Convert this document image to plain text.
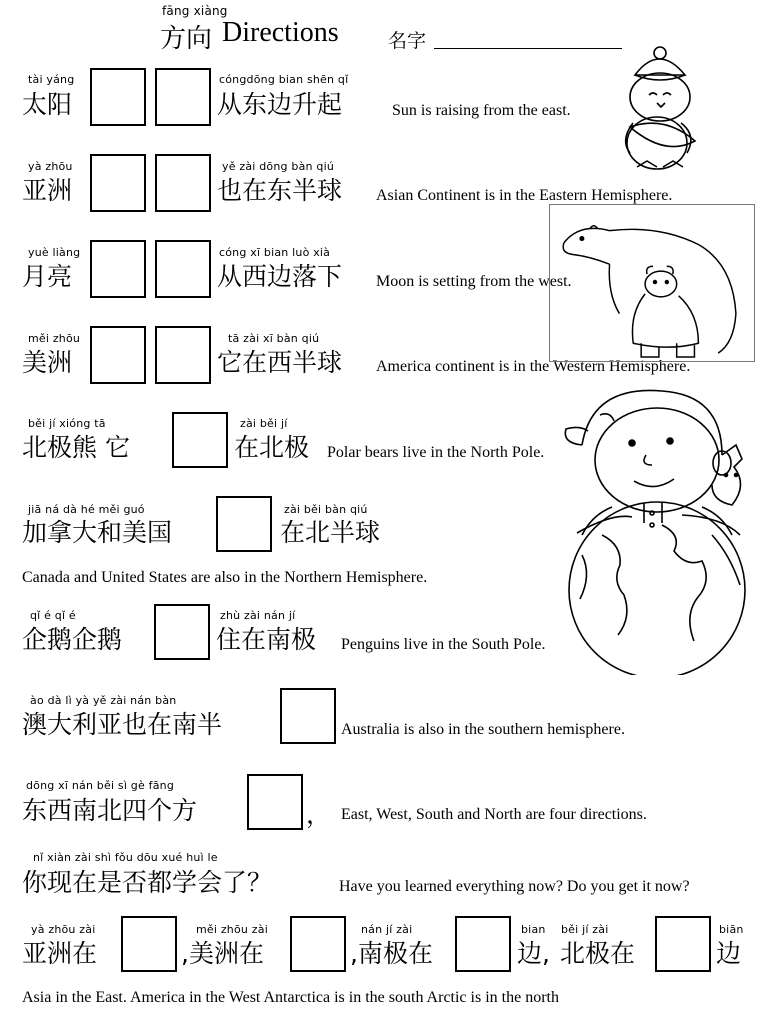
fāng xiàng
方向 Directions	名字
tài yáng
太阳
cóngdōng bian shēn qǐ
从东边升起	Sun is raising from the east.
yà zhōu
亚洲
yě zài dōng bàn qiú
也在东半球 Asian Continent is in the Eastern Hemisphere.
yuè liàng
月亮
cóng xī bian luò xià
从西边落下 Moon is setting from the west.
měi zhōu
美洲
tā zài xī bàn qiú
它在西半球 America continent is in the Western Hemisphere.
běi jí xióng tā
北极熊 它
zài běi jí
在北极 Polar bears live in the North Pole.
jiā ná dà hé měi guó
加拿大和美国
zài běi bàn qiú
在北半球
Canada and United States are also in the Northern Hemisphere.
qǐ é qǐ é
企鹅企鹅
zhù zài nán jí
住在南极 Penguins live in the South Pole.
ào dà lì yà yě zài nán bàn
澳大利亚也在南半	Australia is also in the southern hemisphere.
dōng xī nán běi sì gè fāng
东西南北四个方	， East, West, South and North are four directions.
nǐ xiàn zài shì fǒu dōu xué huì le
你现在是否都学会了？	Have you learned everything now? Do you get it now?
yà zhōu zài
亚洲在
měi zhōu zài
,美洲在
nán jí zài
,南极在
bian
边,
běi jí zài
北极在
biān
边
Asia in the East. America in the West Antarctica is in the south Arctic is in the north
